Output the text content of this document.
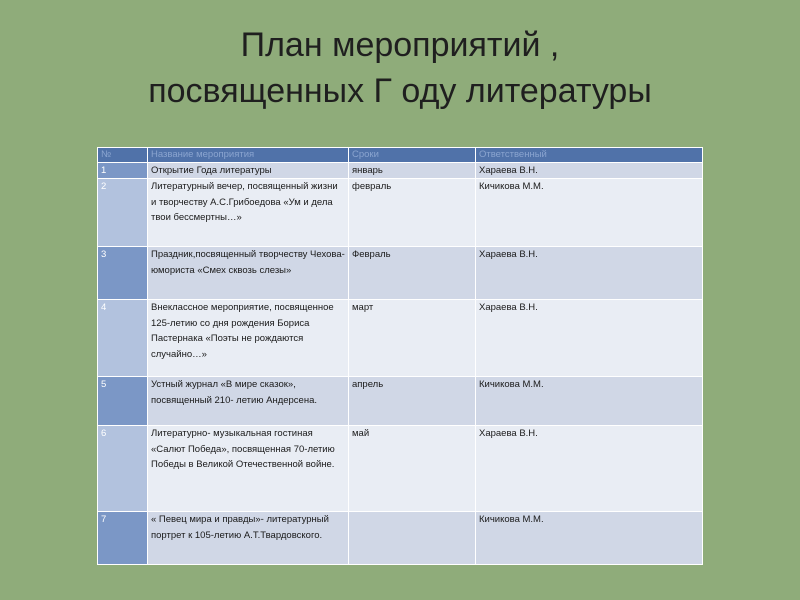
План мероприятий ,
посвященных Г оду литературы
№	Название мероприятия	Сроки	Ответственный
1	Открытие Года литературы	январь	Хараева В.Н.
2	Литературный вечер, посвященный жизни и творчеству А.С.Грибоедова «Ум и дела твои бессмертны…»	февраль	Кичикова М.М.
3	Праздник,посвященный творчеству Чехова- юмориста «Смех сквозь слезы»	Февраль	Хараева В.Н.
4	Внеклассное мероприятие, посвященное 125-летию со дня рождения Бориса Пастернака «Поэты не рождаются случайно…»	март	Хараева В.Н.
5	Устный журнал «В мире сказок», посвященный 210- летию Андерсена.	апрель	Кичикова М.М.
6	Литературно- музыкальная гостиная «Салют Победа», посвященная 70-летию Победы в Великой Отечественной войне.	май	Хараева В.Н.
7	« Певец мира и правды»- литературный портрет к 105-летию А.Т.Твардовского.		Кичикова М.М.
